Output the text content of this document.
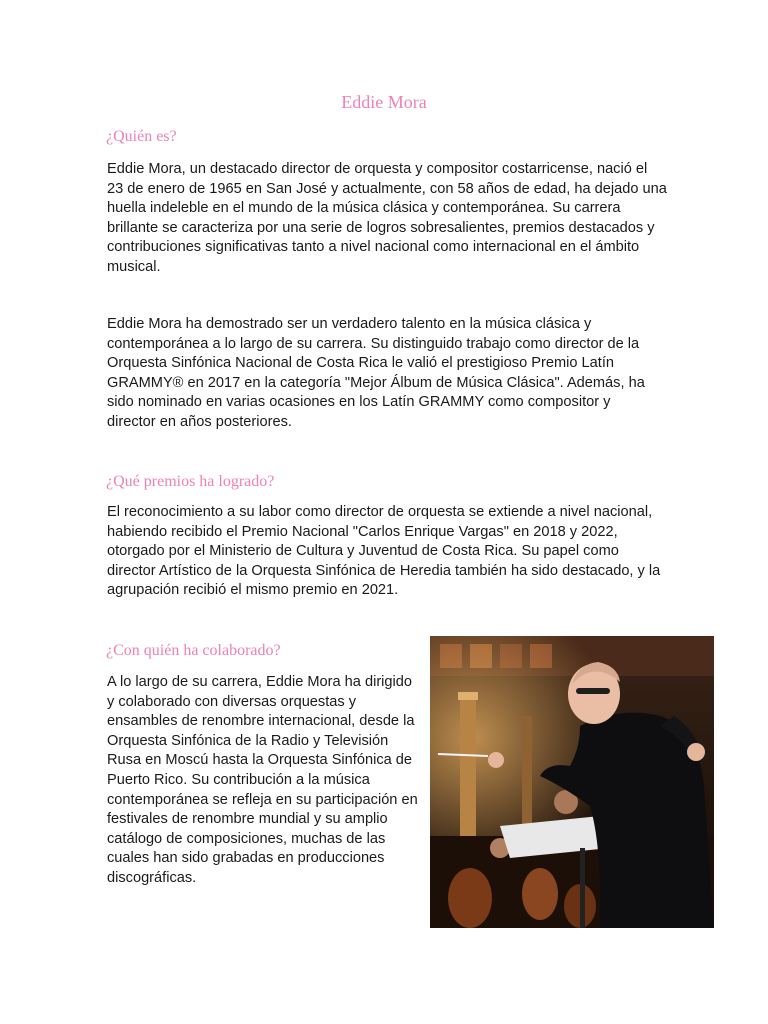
Eddie Mora
¿Quién es?

Eddie Mora, un destacado director de orquesta y compositor costarricense, nació el 23 de enero de 1965 en San José y actualmente, con 58 años de edad, ha dejado una huella indeleble en el mundo de la música clásica y contemporánea. Su carrera brillante se caracteriza por una serie de logros sobresalientes, premios destacados y contribuciones significativas tanto a nivel nacional como internacional en el ámbito musical.

Eddie Mora ha demostrado ser un verdadero talento en la música clásica y contemporánea a lo largo de su carrera. Su distinguido trabajo como director de la Orquesta Sinfónica Nacional de Costa Rica le valió el prestigioso Premio Latín GRAMMY® en 2017 en la categoría "Mejor Álbum de Música Clásica". Además, ha sido nominado en varias ocasiones en los Latín GRAMMY como compositor y director en años posteriores.

¿Qué premios ha logrado?

El reconocimiento a su labor como director de orquesta se extiende a nivel nacional, habiendo recibido el Premio Nacional "Carlos Enrique Vargas" en 2018 y 2022, otorgado por el Ministerio de Cultura y Juventud de Costa Rica. Su papel como director Artístico de la Orquesta Sinfónica de Heredia también ha sido destacado, y la agrupación recibió el mismo premio en 2021.

¿Con quién ha colaborado?

A lo largo de su carrera, Eddie Mora ha dirigido y colaborado con diversas orquestas y ensambles de renombre internacional, desde la Orquesta Sinfónica de la Radio y Televisión Rusa en Moscú hasta la Orquesta Sinfónica de Puerto Rico. Su contribución a la música contemporánea se refleja en su participación en festivales de renombre mundial y su amplio catálogo de composiciones, muchas de las cuales han sido grabadas en producciones discográficas.
